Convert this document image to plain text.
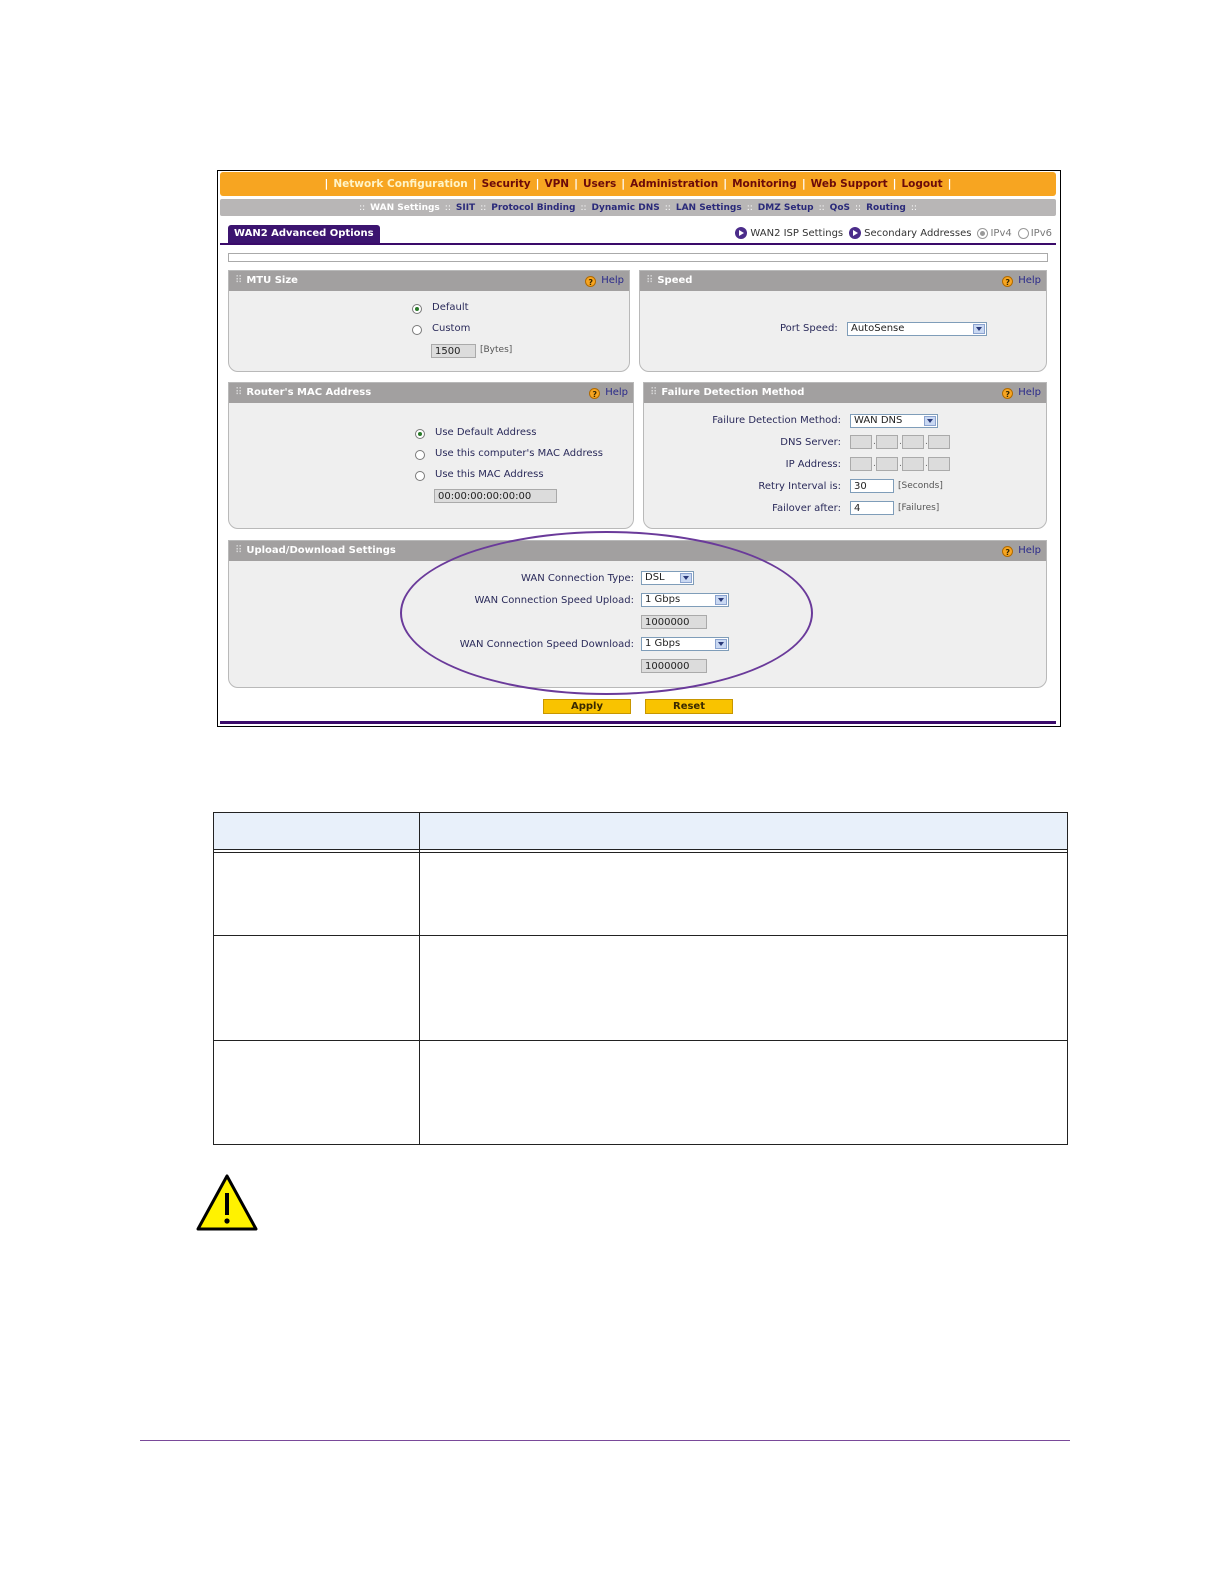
| Network Configuration | Security | VPN | Users | Administration | Monitoring | Web Support | Logout |
:: WAN Settings :: SIIT :: Protocol Binding :: Dynamic DNS :: LAN Settings :: DMZ Setup :: QoS :: Routing ::
WAN2 Advanced Options	WAN2 ISP Settings Secondary Addresses IPv4 IPv6
⠿ MTU Size	? Help
Default
Custom
1500	[Bytes]
⠿ Speed	? Help
Port Speed:	AutoSense
⠿ Router's MAC Address	? Help
Use Default Address
Use this computer's MAC Address
Use this MAC Address
00:00:00:00:00:00
⠿ Failure Detection Method	? Help
Failure Detection Method:	WAN DNS
DNS Server:	.	.	.
IP Address:	.	.	.
Retry Interval is:	30	[Seconds]
Failover after:	4	[Failures]
⠿ Upload/Download Settings	? Help
WAN Connection Type:	DSL
WAN Connection Speed Upload:	1 Gbps
1000000
WAN Connection Speed Download:	1 Gbps
1000000
Apply	Reset
